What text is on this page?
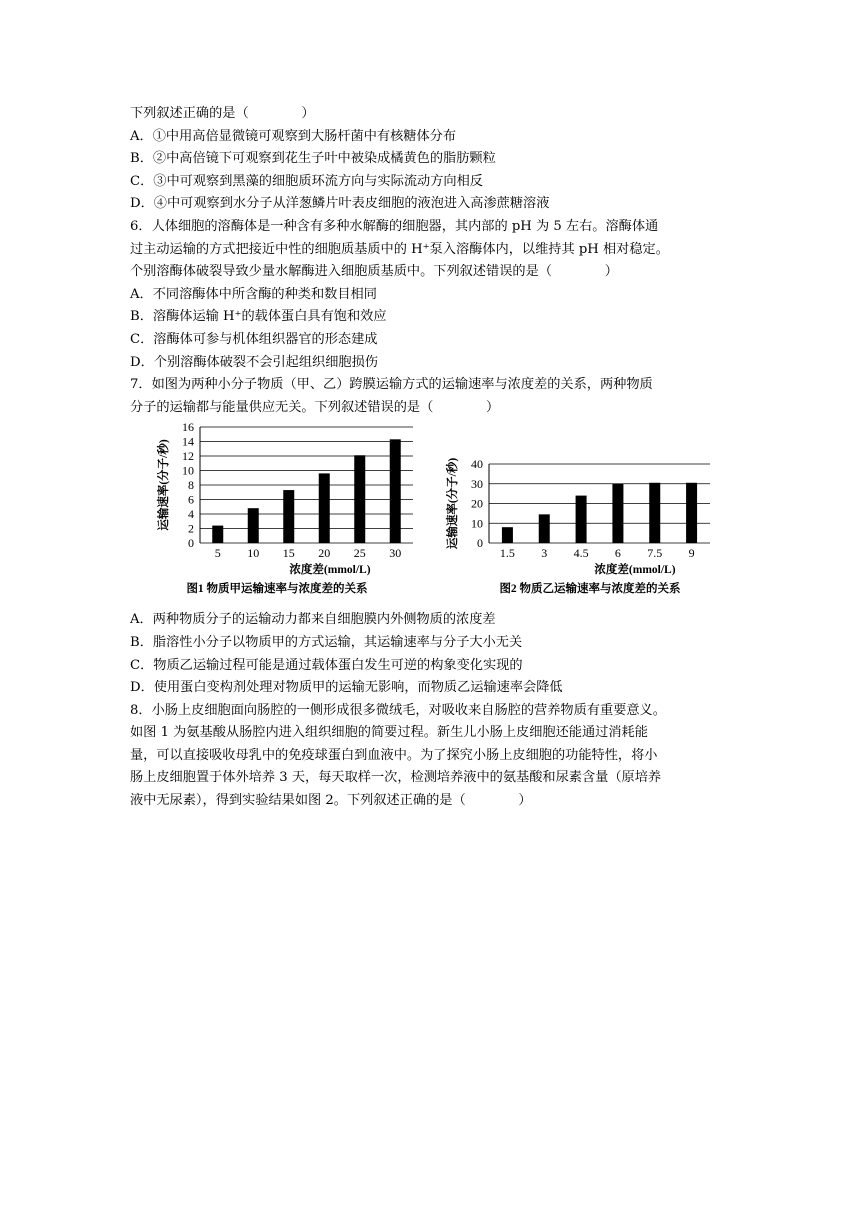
下列叙述正确的是（　　　　）
A．①中用高倍显微镜可观察到大肠杆菌中有核糖体分布
B．②中高倍镜下可观察到花生子叶中被染成橘黄色的脂肪颗粒
C．③中可观察到黑藻的细胞质环流方向与实际流动方向相反
D．④中可观察到水分子从洋葱鳞片叶表皮细胞的液泡进入高渗蔗糖溶液
6．人体细胞的溶酶体是一种含有多种水解酶的细胞器，其内部的 pH 为 5 左右。溶酶体通
过主动运输的方式把接近中性的细胞质基质中的 H⁺泵入溶酶体内，以维持其 pH 相对稳定。
个别溶酶体破裂导致少量水解酶进入细胞质基质中。下列叙述错误的是（　　　　）
A．不同溶酶体中所含酶的种类和数目相同
B．溶酶体运输 H⁺的载体蛋白具有饱和效应
C．溶酶体可参与机体组织器官的形态建成
D．个别溶酶体破裂不会引起组织细胞损伤
7．如图为两种小分子物质（甲、乙）跨膜运输方式的运输速率与浓度差的关系，两种物质
分子的运输都与能量供应无关。下列叙述错误的是（　　　　）
0
2
4
6
8
10
12
14
16
5 10 15 20 25 30
浓度差(mmol/L)
图1 物质甲运输速率与浓度差的关系
运输速率(分子/秒)
0
10
20
30
40
1.5 3 4.5 6 7.5 9
浓度差(mmol/L)
图2 物质乙运输速率与浓度差的关系
运输速率(分子/秒)
A．两种物质分子的运输动力都来自细胞膜内外侧物质的浓度差
B．脂溶性小分子以物质甲的方式运输，其运输速率与分子大小无关
C．物质乙运输过程可能是通过载体蛋白发生可逆的构象变化实现的
D．使用蛋白变构剂处理对物质甲的运输无影响，而物质乙运输速率会降低
8．小肠上皮细胞面向肠腔的一侧形成很多微绒毛，对吸收来自肠腔的营养物质有重要意义。
如图 1 为氨基酸从肠腔内进入组织细胞的简要过程。新生儿小肠上皮细胞还能通过消耗能
量，可以直接吸收母乳中的免疫球蛋白到血液中。为了探究小肠上皮细胞的功能特性，将小
肠上皮细胞置于体外培养 3 天，每天取样一次，检测培养液中的氨基酸和尿素含量（原培养
液中无尿素），得到实验结果如图 2。下列叙述正确的是（　　　　）
